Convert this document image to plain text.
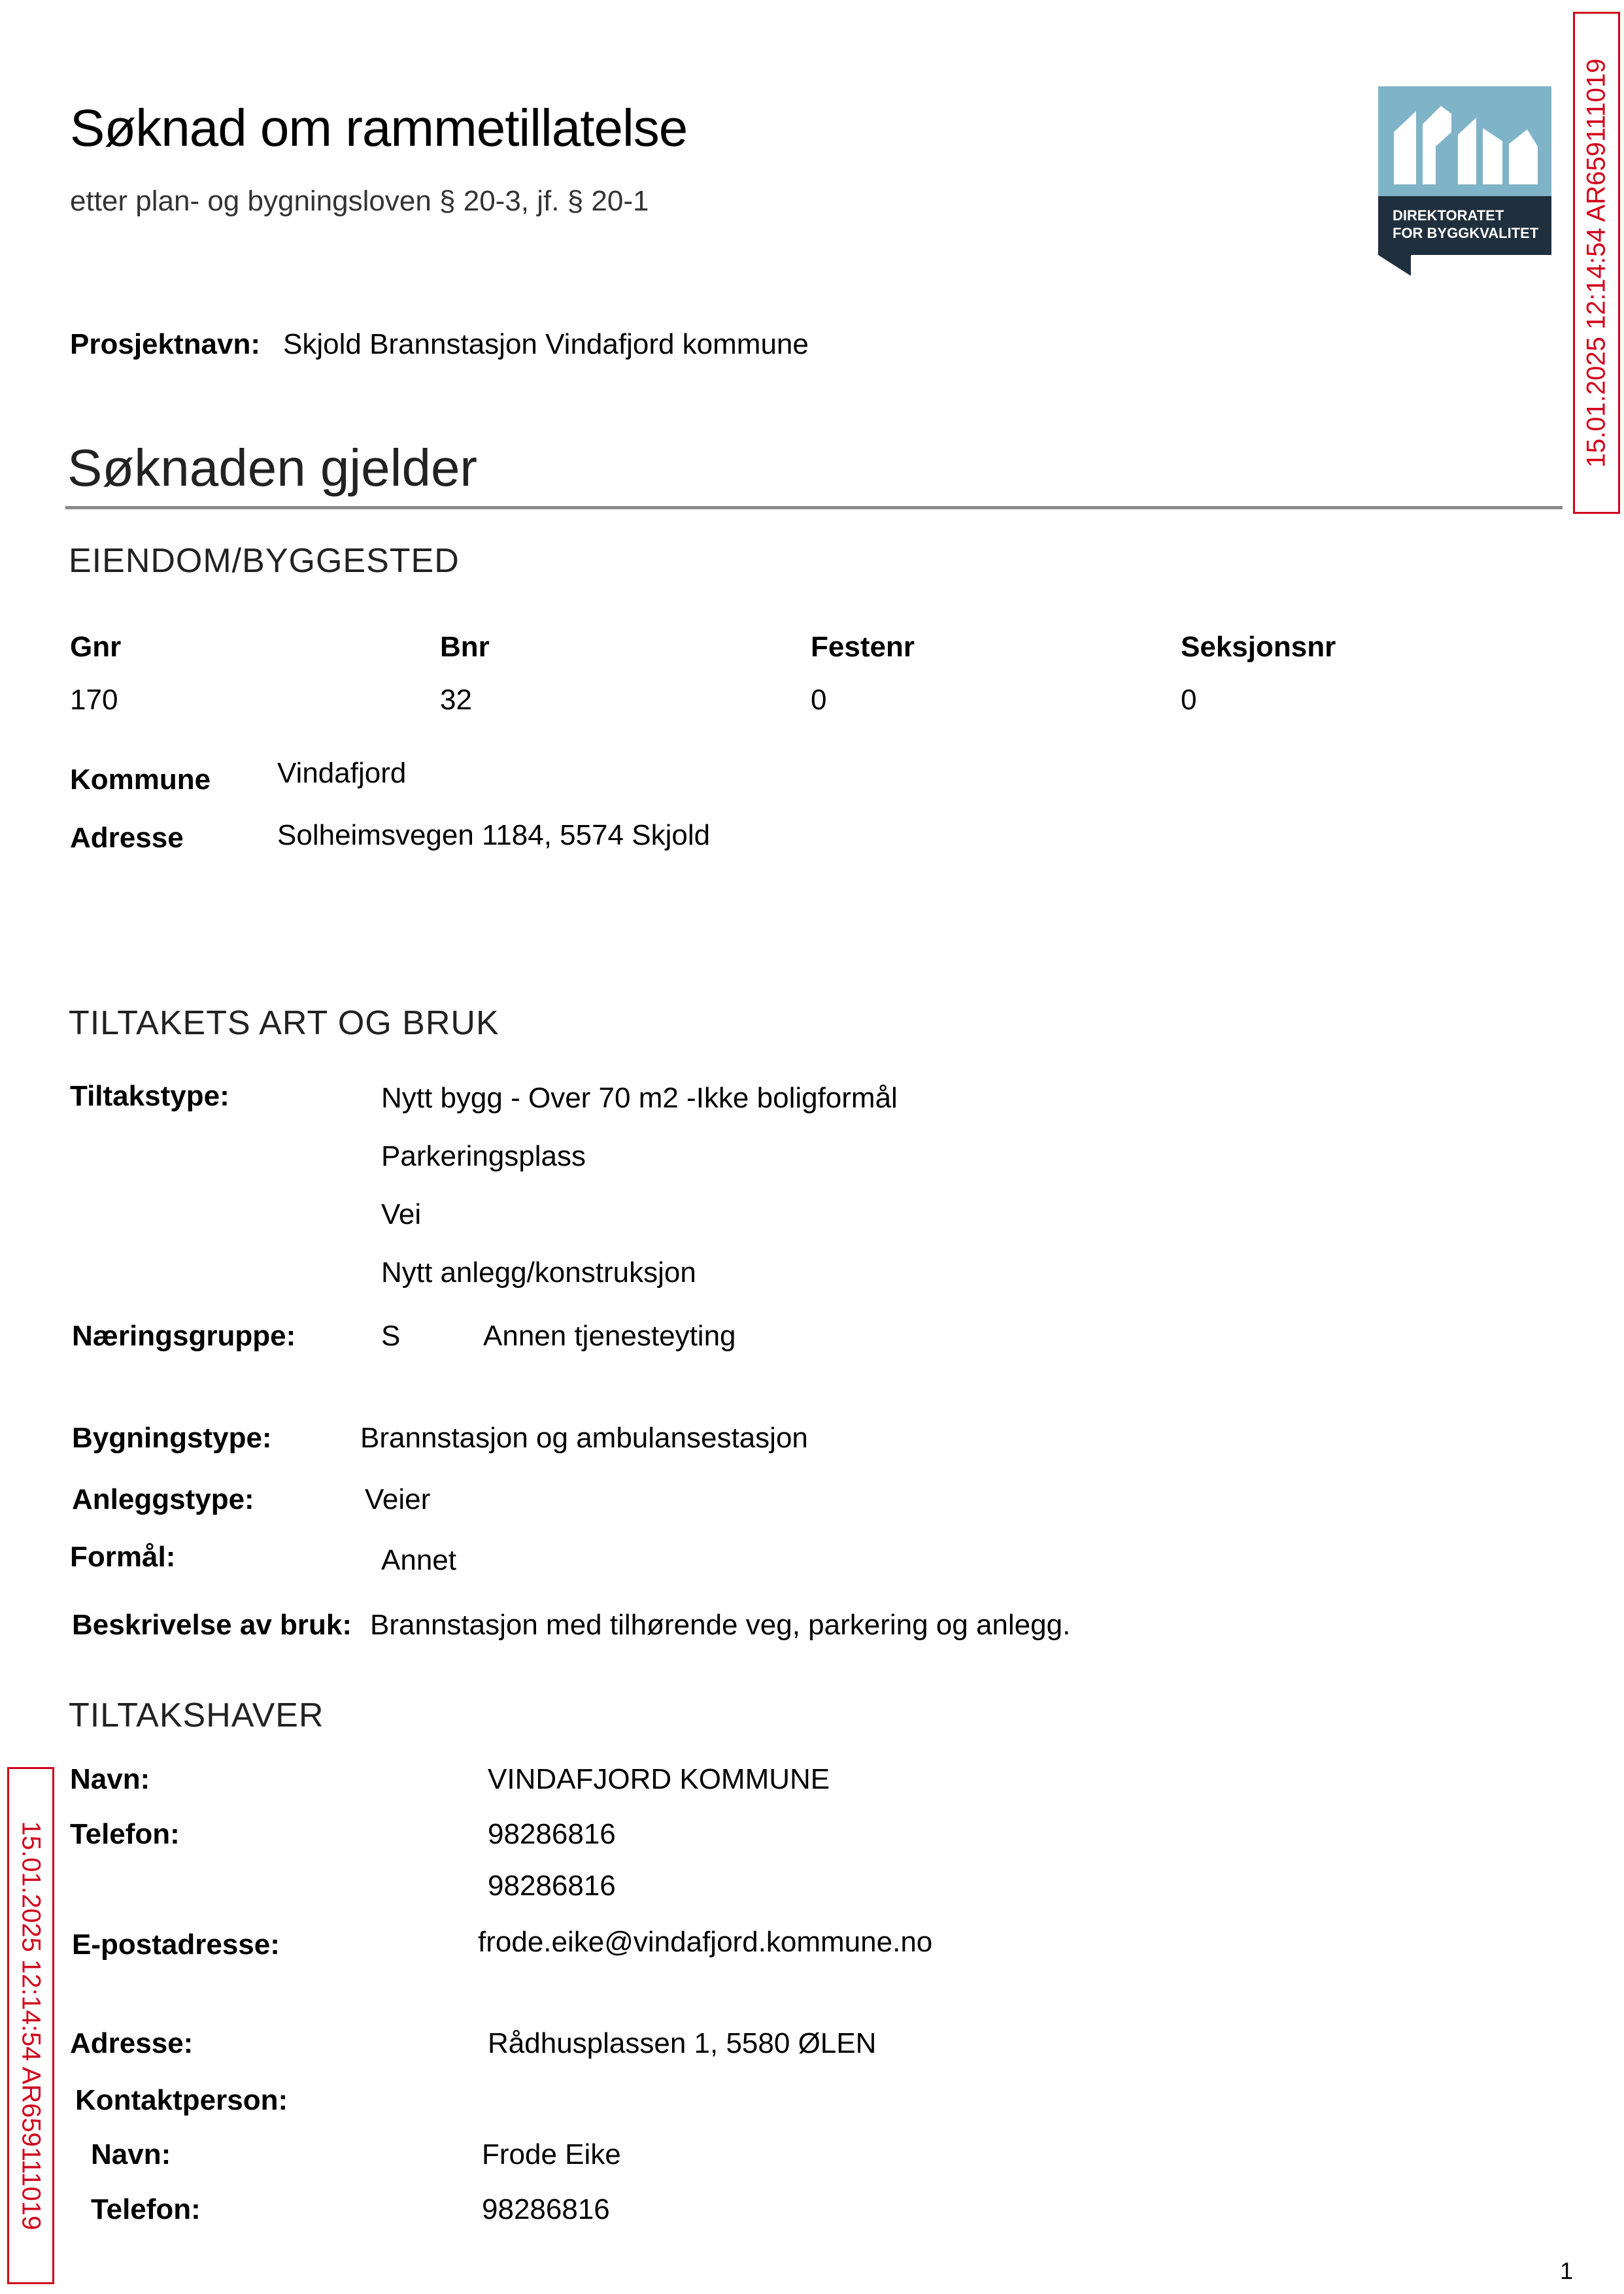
Søknad om rammetillatelse
etter plan- og bygningsloven § 20-3, jf. § 20-1	DIREKTORATET
FOR BYGGKVALITET
Prosjektnavn: Skjold Brannstasjon Vindafjord kommune
Søknaden gjelder
EIENDOM/BYGGESTED
Gnr	Bnr	Festenr	Seksjonsnr
170	32	0	0
Kommune Vindafjord
Adresse	Solheimsvegen 1184, 5574 Skjold
TILTAKETS ART OG BRUK
Tiltakstype:	Nytt bygg - Over 70 m2 -Ikke boligformål
Parkeringsplass
Vei
Nytt anlegg/konstruksjon
Næringsgruppe:	S	Annen tjenesteyting
Bygningstype:	Brannstasjon og ambulansestasjon
Anleggstype:	Veier
Formål:	Annet
Beskrivelse av bruk: Brannstasjon med tilhørende veg, parkering og anlegg.
TILTAKSHAVER
Navn:	VINDAFJORD KOMMUNE
Telefon:	98286816
98286816
E-postadresse:	frode.eike@vindafjord.kommune.no
Adresse:	Rådhusplassen 1, 5580 ØLEN
Kontaktperson:
Navn:	Frode Eike
Telefon:	98286816
15.01.2025 12:14:54 AR659111019
15.01.2025 12:14:54 AR659111019
1
